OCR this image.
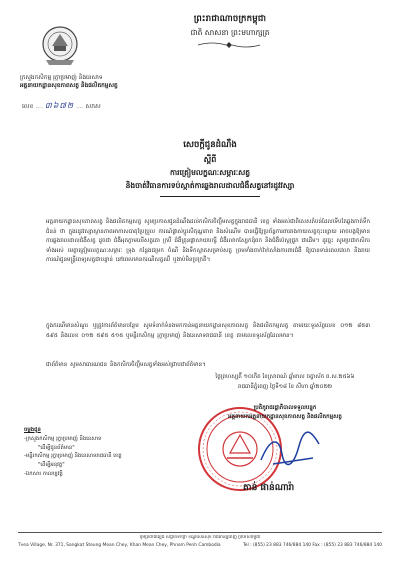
ព្រះរាជាណាចក្រកម្ពុជា
ជាតិ សាសនា ព្រះមហាក្សត្រ
ក្រសួងកសិកម្ម រុក្ខាប្រមាញ់ និងនេសាទ
អគ្គនាយកដ្ឋានសុខភាពសត្វ និងផលិតកម្មសត្វ
លេខ .... ៣៦៧២ .... សភស
សេចក្តីជូនដំណឹង
ស្តីពី
ការត្រៀមលក្ខណៈសម្ភារៈសត្វ
និងចាត់វិធានការទប់ស្កាត់ការឆ្លងរាលដាលជំងឺសត្វនៅរដូវវស្សា
អគ្គនាយកដ្ឋានសុខភាពសត្វ និងផលិតកម្មសត្វ សូមប្រកាសជូនដំណឹងដល់កសិករចិញ្ចឹមសត្វក្នុងរាជធានី ខេត្ត ទាំងអស់ជាពិសេសតំបន់ដែលទើបតែឆ្លងកាត់ទឹកជំនន់ ថា ក្នុងរដូវវស្សាស្ថានភាពអាកាសធាតុប្រែប្រួល ការណ៍ផ្លាស់ប្តូរសីតុណ្ហភាព និងសំណើម បានធ្វើឱ្យប្រព័ន្ធការពាររាងកាយសត្វចុះខ្សោយ អាចបង្កឱ្យមានការឆ្លងរាលដាលជំងឺសត្វ ដូចជា ជំងឺអុតក្តាមលើសត្វគោ ក្របី ជំងឺគ្រុនផ្តាសាយបក្សី ជំងឺរលាកស្បែកដុំពក និងជំងឺប៉េស្តជ្រូក ជាដើម។ ដូច្នេះ សូមប្រជាកសិករទាំងអស់ មេត្តាត្រៀមលក្ខណៈសម្ភារៈ ទ្រុង កន្លែងជម្រក ចំណី និងទឹកស្អាតសម្រាប់សត្វ ព្រមទាំងចាក់វ៉ាក់សាំងការពារជំងឺ ឱ្យបានទាន់ពេលវេលា និងរាយការណ៍ជូនមន្ត្រីពេទ្យសត្វជាបន្ទាន់ នៅពេលមានករណីសត្វឈឺ ឬងាប់មិនប្រក្រតី។
ក្នុងករណីមានសំណួរ ឬត្រូវការព័ត៌មានបន្ថែម សូមទំនាក់ទំនងមកកាន់អគ្គនាយកដ្ឋានសុខភាពសត្វ និងផលិតកម្មសត្វ តាមរយៈទូរស័ព្ទលេខ ០១២ ៨៥៣ ៥៩៥ និងលេខ ០១២ ៥៩៥ ៥១៥ ឬមន្ទីរកសិកម្ម រុក្ខាប្រមាញ់ និងនេសាទរាជធានី ខេត្ត តាមលេខទូរស័ព្ទដែលមាន។
ជាព័ត៌មាន សូមសាធារណជន និងកសិករចិញ្ចឹមសត្វទាំងអស់ជ្រាបជាព័ត៌មាន។
ថ្ងៃព្រហស្បតិ៍ ១០កើត ខែស្រាពណ៍ ឆ្នាំខាល ចត្វាស័ក ព.ស.២៥៦៦
រាជធានីភ្នំពេញ ថ្ងៃទី១៨ ខែ សីហា ឆ្នាំ២០២២
ប្រតិភូរាជរដ្ឋាភិបាលទទួលបន្ទុក
អគ្គនាយកអគ្គនាយកដ្ឋានសុខភាពសត្វ និងផលិតកម្មសត្វ
តាន់ ផាន់ណារ៉ា
ចម្លងជូន
-ក្រសួងកសិកម្ម រុក្ខាប្រមាញ់ និងនេសាទ
"ដើម្បីជូនព័ត៌មាន"
-មន្ទីរកសិកម្ម រុក្ខាប្រមាញ់ និងនេសាទរាជធានី ខេត្ត
"ដើម្បីអនុវត្ត"
-ឯកសារ កាលប្បវត្តិ
ភូមិត្រពាំងត្បែង សង្កាត់ទឹកថ្លា ខណ្ឌសែនសុខ រាជធានីភ្នំពេញ ប្រទេសកម្ពុជា
Tvea Village, Nr. 371, Sangkat Steung Mean Chey, Khan Mean Chey, Phnom Penh Cambodia	Tel : (855) 23 883 746/884 140 Fax : (855) 23 883 746/884 140
